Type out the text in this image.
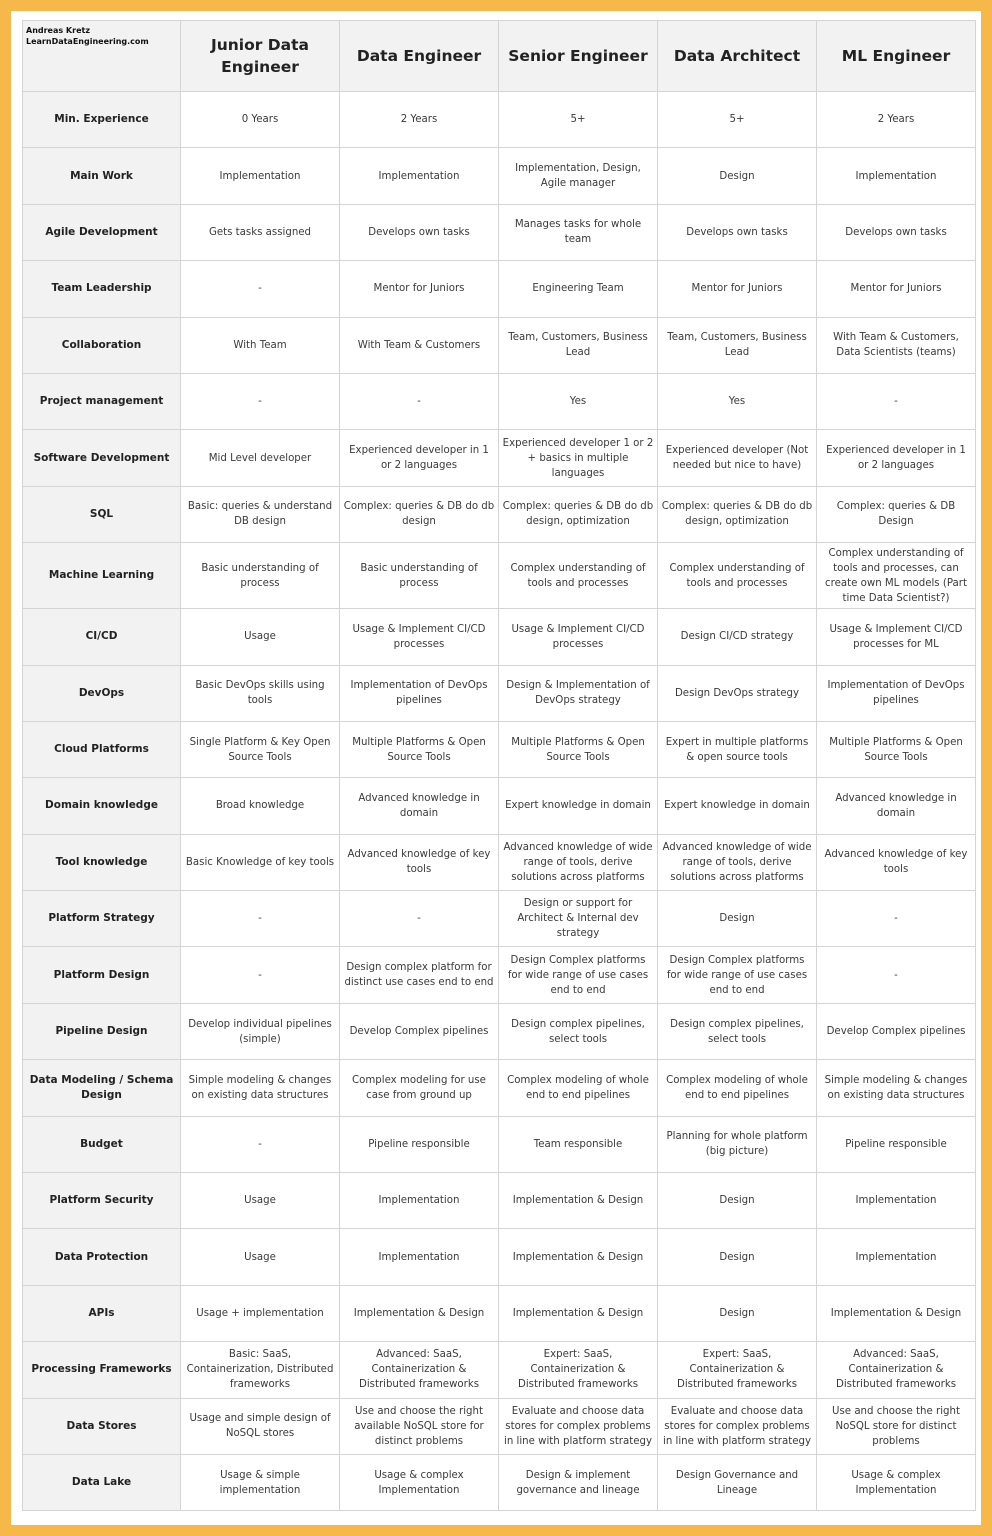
Andreas Kretz
LearnDataEngineering.com	Junior Data Engineer	Data Engineer	Senior Engineer	Data Architect	ML Engineer
Min. Experience	0 Years	2 Years	5+	5+	2 Years
Main Work	Implementation	Implementation	Implementation, Design, Agile manager	Design	Implementation
Agile Development	Gets tasks assigned	Develops own tasks	Manages tasks for whole team	Develops own tasks	Develops own tasks
Team Leadership	-	Mentor for Juniors	Engineering Team	Mentor for Juniors	Mentor for Juniors
Collaboration	With Team	With Team & Customers	Team, Customers, Business Lead	Team, Customers, Business Lead	With Team & Customers, Data Scientists (teams)
Project management	-	-	Yes	Yes	-
Software Development	Mid Level developer	Experienced developer in 1 or 2 languages	Experienced developer 1 or 2 + basics in multiple languages	Experienced developer (Not needed but nice to have)	Experienced developer in 1 or 2 languages
SQL	Basic: queries & understand DB design	Complex: queries & DB do db design	Complex: queries & DB do db design, optimization	Complex: queries & DB do db design, optimization	Complex: queries & DB Design
Machine Learning	Basic understanding of process	Basic understanding of process	Complex understanding of tools and processes	Complex understanding of tools and processes	Complex understanding of tools and processes, can create own ML models (Part time Data Scientist?)
CI/CD	Usage	Usage & Implement CI/CD processes	Usage & Implement CI/CD processes	Design CI/CD strategy	Usage & Implement CI/CD processes for ML
DevOps	Basic DevOps skills using tools	Implementation of DevOps pipelines	Design & Implementation of DevOps strategy	Design DevOps strategy	Implementation of DevOps pipelines
Cloud Platforms	Single Platform & Key Open Source Tools	Multiple Platforms & Open Source Tools	Multiple Platforms & Open Source Tools	Expert in multiple platforms & open source tools	Multiple Platforms & Open Source Tools
Domain knowledge	Broad knowledge	Advanced knowledge in domain	Expert knowledge in domain	Expert knowledge in domain	Advanced knowledge in domain
Tool knowledge	Basic Knowledge of key tools	Advanced knowledge of key tools	Advanced knowledge of wide range of tools, derive solutions across platforms	Advanced knowledge of wide range of tools, derive solutions across platforms	Advanced knowledge of key tools
Platform Strategy	-	-	Design or support for Architect & Internal dev strategy	Design	-
Platform Design	-	Design complex platform for distinct use cases end to end	Design Complex platforms for wide range of use cases end to end	Design Complex platforms for wide range of use cases end to end	-
Pipeline Design	Develop individual pipelines (simple)	Develop Complex pipelines	Design complex pipelines, select tools	Design complex pipelines, select tools	Develop Complex pipelines
Data Modeling / Schema Design	Simple modeling & changes on existing data structures	Complex modeling for use case from ground up	Complex modeling of whole end to end pipelines	Complex modeling of whole end to end pipelines	Simple modeling & changes on existing data structures
Budget	-	Pipeline responsible	Team responsible	Planning for whole platform (big picture)	Pipeline responsible
Platform Security	Usage	Implementation	Implementation & Design	Design	Implementation
Data Protection	Usage	Implementation	Implementation & Design	Design	Implementation
APIs	Usage + implementation	Implementation & Design	Implementation & Design	Design	Implementation & Design
Processing Frameworks	Basic: SaaS, Containerization, Distributed frameworks	Advanced: SaaS, Containerization & Distributed frameworks	Expert: SaaS, Containerization & Distributed frameworks	Expert: SaaS, Containerization & Distributed frameworks	Advanced: SaaS, Containerization & Distributed frameworks
Data Stores	Usage and simple design of NoSQL stores	Use and choose the right available NoSQL store for distinct problems	Evaluate and choose data stores for complex problems in line with platform strategy	Evaluate and choose data stores for complex problems in line with platform strategy	Use and choose the right NoSQL store for distinct problems
Data Lake	Usage & simple implementation	Usage & complex Implementation	Design & implement governance and lineage	Design Governance and Lineage	Usage & complex Implementation
